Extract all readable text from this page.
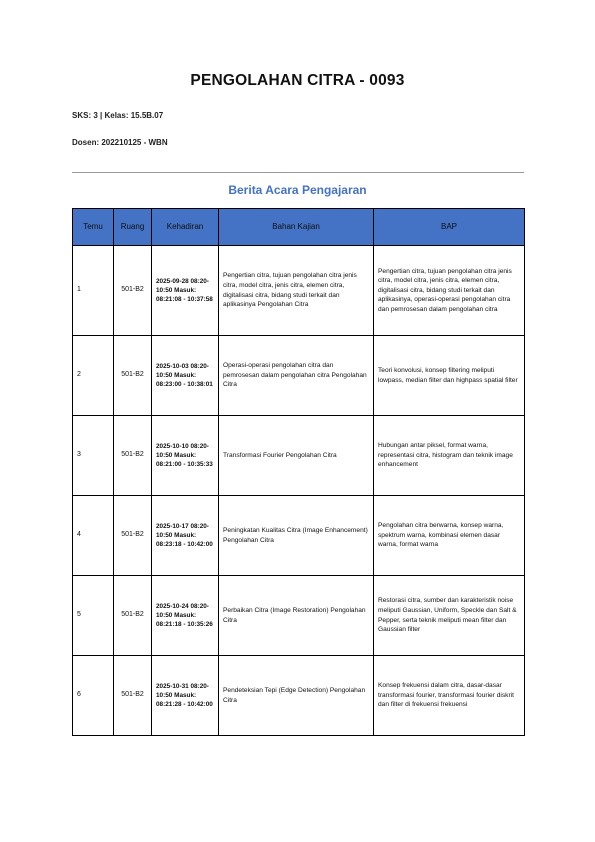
PENGOLAHAN CITRA - 0093
SKS: 3 | Kelas: 15.5B.07
Dosen: 202210125 - WBN
Berita Acara Pengajaran
Temu	Ruang	Kehadiran	Bahan Kajian	BAP
1	501-B2	2025-09-28 08:20-10:50 Masuk: 08:21:08 - 10:37:58	Pengertian citra, tujuan pengolahan citra jenis citra, model citra, jenis citra, elemen citra, digitalisasi citra, bidang studi terkait dan aplikasinya Pengolahan Citra	Pengertian citra, tujuan pengolahan citra jenis citra, model citra, jenis citra, elemen citra, digitalisasi citra, bidang studi terkait dan aplikasinya, operasi-operasi pengolahan citra dan pemrosesan dalam pengolahan citra
2	501-B2	2025-10-03 08:20-10:50 Masuk: 08:23:00 - 10:38:01	Operasi-operasi pengolahan citra dan pemrosesan dalam pengolahan citra Pengolahan Citra	Teori konvolusi, konsep filtering meliputi lowpass, median filter dan highpass spatial filter
3	501-B2	2025-10-10 08:20-10:50 Masuk: 08:21:00 - 10:35:33	Transformasi Fourier Pengolahan Citra	Hubungan antar piksel, format warna, representasi citra, histogram dan teknik image enhancement
4	501-B2	2025-10-17 08:20-10:50 Masuk: 08:23:18 - 10:42:00	Peningkatan Kualitas Citra (Image Enhancement) Pengolahan Citra	Pengolahan citra berwarna, konsep warna, spektrum warna, kombinasi elemen dasar warna, format warna
5	501-B2	2025-10-24 08:20-10:50 Masuk: 08:21:18 - 10:35:26	Perbaikan Citra (Image Restoration) Pengolahan Citra	Restorasi citra, sumber dan karakteristik noise meliputi Gaussian, Uniform, Speckle dan Salt & Pepper, serta teknik meliputi mean filter dan Gaussian filter
6	501-B2	2025-10-31 08:20-10:50 Masuk: 08:21:28 - 10:42:00	Pendeteksian Tepi (Edge Detection) Pengolahan Citra	Konsep frekuensi dalam citra, dasar-dasar transformasi fourier, transformasi fourier diskrit dan filter di frekuensi frekuensi
